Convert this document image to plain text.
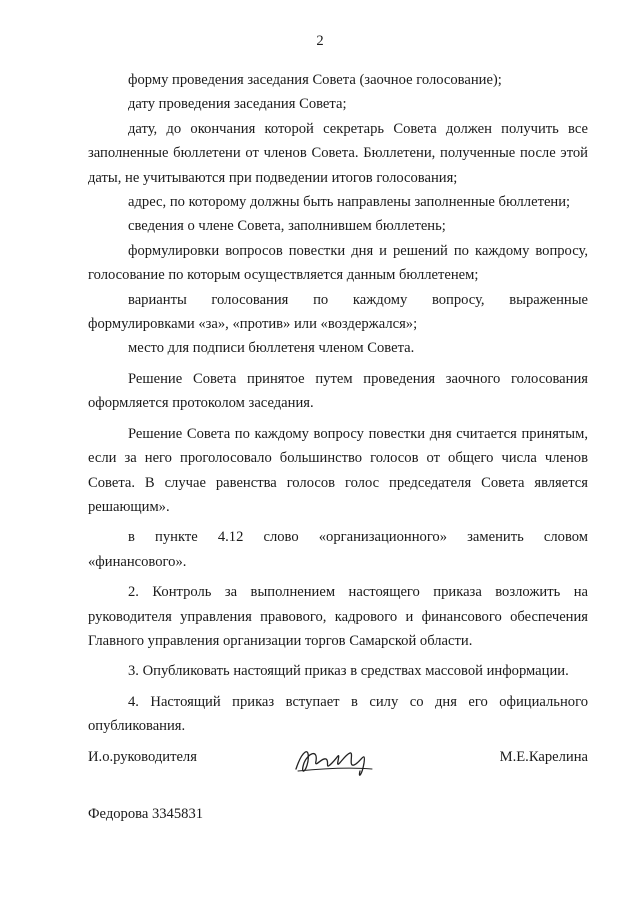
2

форму проведения заседания Совета (заочное голосование);

дату проведения заседания Совета;

дату, до окончания которой секретарь Совета должен получить все заполненные бюллетени от членов Совета. Бюллетени, полученные после этой даты, не учитываются при подведении итогов голосования;

адрес, по которому должны быть направлены заполненные бюллетени;

сведения о члене Совета, заполнившем бюллетень;

формулировки вопросов повестки дня и решений по каждому вопросу, голосование по которым осуществляется данным бюллетенем;

варианты голосования по каждому вопросу, выраженные формулировками «за», «против» или «воздержался»;

место для подписи бюллетеня членом Совета.

Решение Совета принятое путем проведения заочного голосования оформляется протоколом заседания.

Решение Совета по каждому вопросу повестки дня считается принятым, если за него проголосовало большинство голосов от общего числа членов Совета. В случае равенства голосов голос председателя Совета является решающим».

в пункте 4.12 слово «организационного» заменить словом «финансового».

2. Контроль за выполнением настоящего приказа возложить на руководителя управления правового, кадрового и финансового обеспечения Главного управления организации торгов Самарской области.

3. Опубликовать настоящий приказ в средствах массовой информации.

4. Настоящий приказ вступает в силу со дня его официального опубликования.

И.о.руководителя	М.Е.Карелина
Федорова 3345831
